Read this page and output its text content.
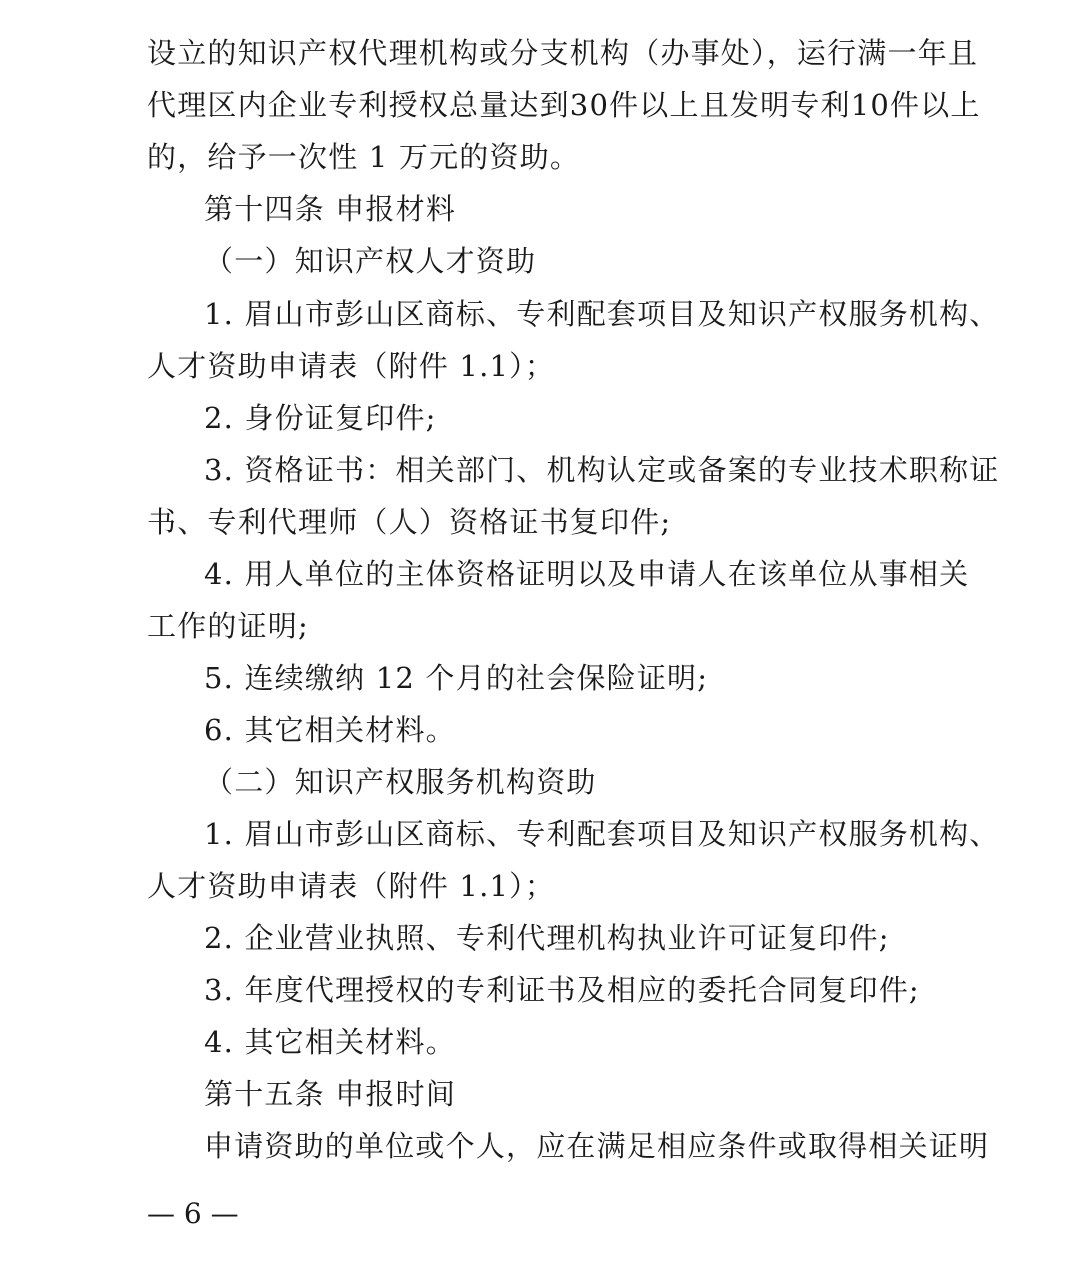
设立的知识产权代理机构或分支机构（办事处），运行满一年且
代理区内企业专利授权总量达到30件以上且发明专利10件以上
的，给予一次性 1 万元的资助。
第十四条 申报材料
（一）知识产权人才资助
1. 眉山市彭山区商标、专利配套项目及知识产权服务机构、
人才资助申请表（附件 1.1）；
2. 身份证复印件;
3. 资格证书：相关部门、机构认定或备案的专业技术职称证
书、专利代理师（人）资格证书复印件;
4. 用人单位的主体资格证明以及申请人在该单位从事相关
工作的证明;
5. 连续缴纳 12 个月的社会保险证明;
6. 其它相关材料。
（二）知识产权服务机构资助
1. 眉山市彭山区商标、专利配套项目及知识产权服务机构、
人才资助申请表（附件 1.1）；
2. 企业营业执照、专利代理机构执业许可证复印件;
3. 年度代理授权的专利证书及相应的委托合同复印件;
4. 其它相关材料。
第十五条 申报时间
申请资助的单位或个人，应在满足相应条件或取得相关证明
— 6 —
